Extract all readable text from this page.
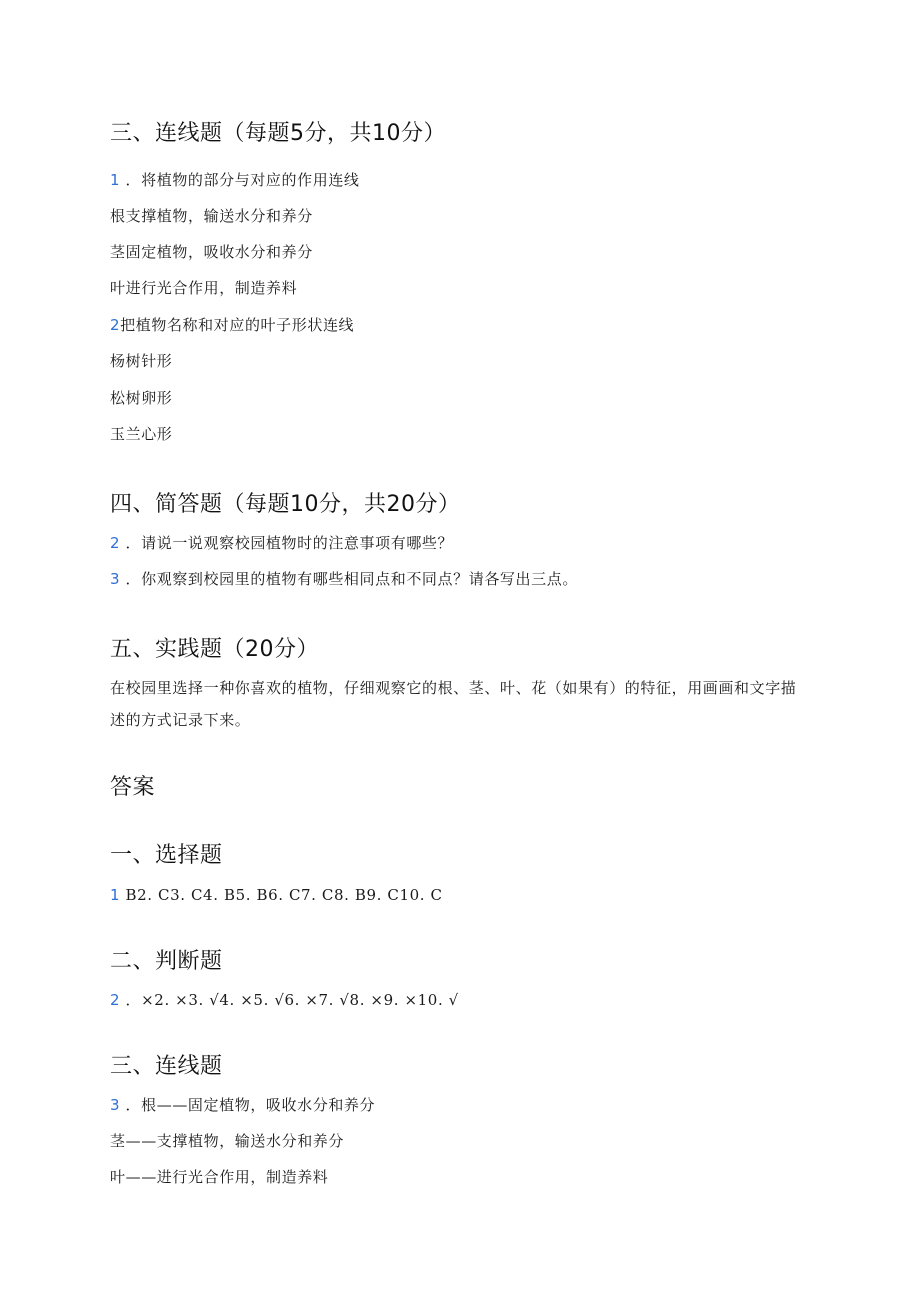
三、连线题（每题5分，共10分）
1 ．将植物的部分与对应的作用连线
根支撑植物，输送水分和养分
茎固定植物，吸收水分和养分
叶进行光合作用，制造养料
2把植物名称和对应的叶子形状连线
杨树针形
松树卵形
玉兰心形
四、简答题（每题10分，共20分）
2 ．请说一说观察校园植物时的注意事项有哪些？
3 ．你观察到校园里的植物有哪些相同点和不同点？请各写出三点。
五、实践题（20分）
在校园里选择一种你喜欢的植物，仔细观察它的根、茎、叶、花（如果有）的特征，用画画和文字描述的方式记录下来。
答案
一、选择题
1 B2. C3. C4. B5. B6. C7. C8. B9. C10. C
二、判断题
2 ．×2. ×3. √4. ×5. √6. ×7. √8. ×9. ×10. √
三、连线题
3 ．根——固定植物，吸收水分和养分
茎——支撑植物，输送水分和养分
叶——进行光合作用，制造养料
